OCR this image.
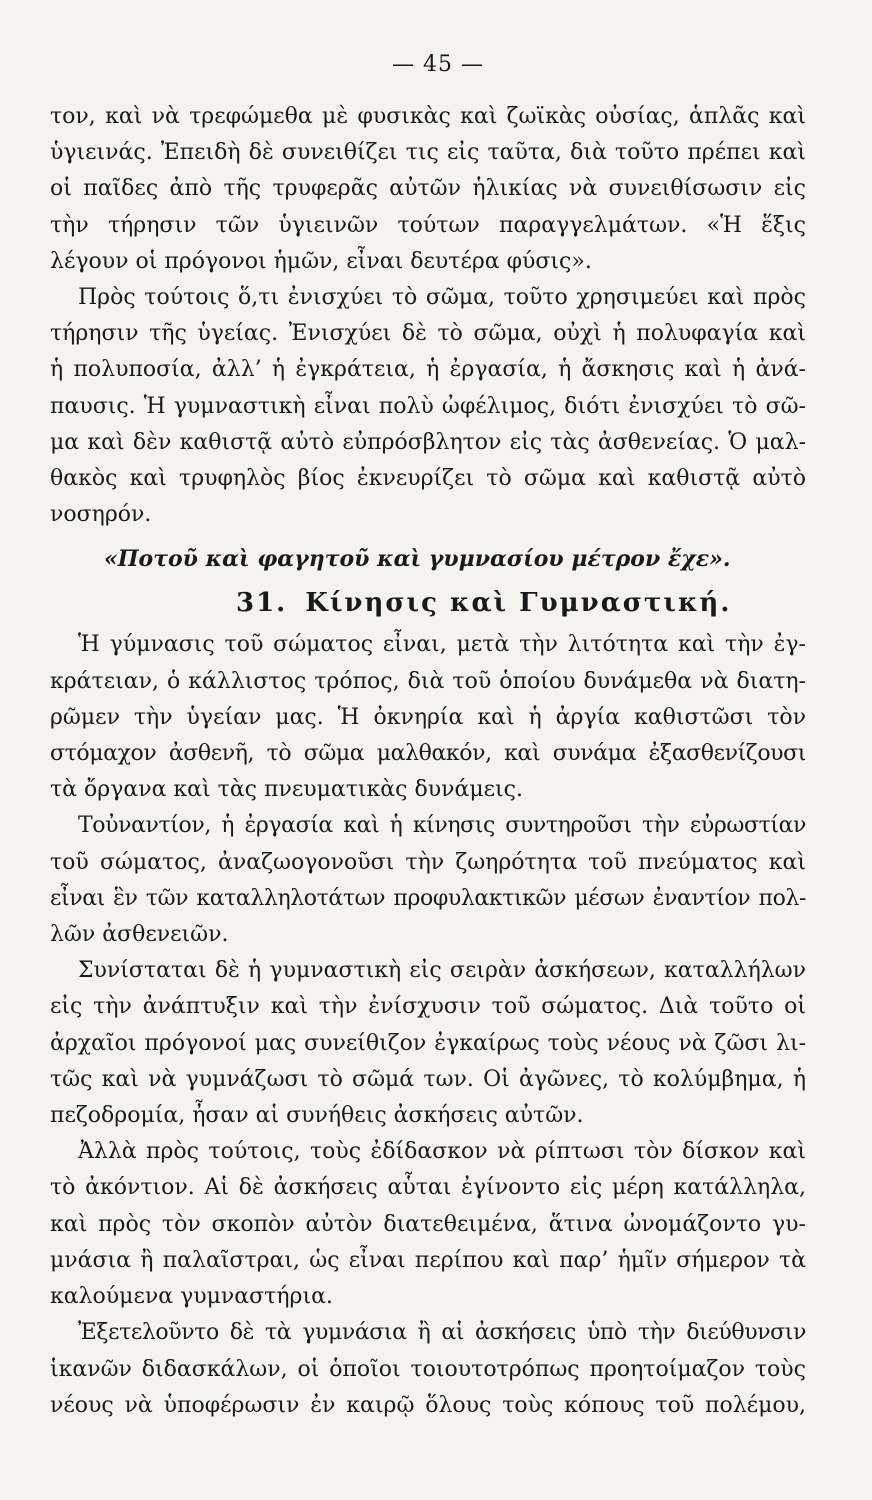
— 45 —
τον, καὶ νὰ τρεφώμεθα μὲ φυσικὰς καὶ ζωϊκὰς οὐσίας, ἁπλᾶς καὶ
ὑγιεινάς. Ἐπειδὴ δὲ συνειθίζει τις εἰς ταῦτα, διὰ τοῦτο πρέπει καὶ
οἱ παῖδες ἀπὸ τῆς τρυφερᾶς αὐτῶν ἡλικίας νὰ συνειθίσωσιν εἰς
τὴν τήρησιν τῶν ὑγιεινῶν τούτων παραγγελμάτων. «Ἡ ἕξις
λέγουν οἱ πρόγονοι ἡμῶν, εἶναι δευτέρα φύσις».
Πρὸς τούτοις ὅ,τι ἐνισχύει τὸ σῶμα, τοῦτο χρησιμεύει καὶ πρὸς
τήρησιν τῆς ὑγείας. Ἐνισχύει δὲ τὸ σῶμα, οὐχὶ ἡ πολυφαγία καὶ
ἡ πολυποσία, ἀλλ’ ἡ ἐγκράτεια, ἡ ἐργασία, ἡ ἄσκησις καὶ ἡ ἀνά-
παυσις. Ἡ γυμναστικὴ εἶναι πολὺ ὠφέλιμος, διότι ἐνισχύει τὸ σῶ-
μα καὶ δὲν καθιστᾷ αὐτὸ εὐπρόσβλητον εἰς τὰς ἀσθενείας. Ὁ μαλ-
θακὸς καὶ τρυφηλὸς βίος ἐκνευρίζει τὸ σῶμα καὶ καθιστᾷ αὐτὸ
νοσηρόν.
«Ποτοῦ καὶ φαγητοῦ καὶ γυμνασίου μέτρον ἔχε».
31. Κίνησις καὶ Γυμναστική.
Ἡ γύμνασις τοῦ σώματος εἶναι, μετὰ τὴν λιτότητα καὶ τὴν ἐγ-
κράτειαν, ὁ κάλλιστος τρόπος, διὰ τοῦ ὁποίου δυνάμεθα νὰ διατη-
ρῶμεν τὴν ὑγείαν μας. Ἡ ὀκνηρία καὶ ἡ ἀργία καθιστῶσι τὸν
στόμαχον ἀσθενῆ, τὸ σῶμα μαλθακόν, καὶ συνάμα ἐξασθενίζουσι
τὰ ὄργανα καὶ τὰς πνευματικὰς δυνάμεις.
Τοὐναντίον, ἡ ἐργασία καὶ ἡ κίνησις συντηροῦσι τὴν εὐρωστίαν
τοῦ σώματος, ἀναζωογονοῦσι τὴν ζωηρότητα τοῦ πνεύματος καὶ
εἶναι ἓν τῶν καταλληλοτάτων προφυλακτικῶν μέσων ἐναντίον πολ-
λῶν ἀσθενειῶν.
Συνίσταται δὲ ἡ γυμναστικὴ εἰς σειρὰν ἀσκήσεων, καταλλήλων
εἰς τὴν ἀνάπτυξιν καὶ τὴν ἐνίσχυσιν τοῦ σώματος. Διὰ τοῦτο οἱ
ἀρχαῖοι πρόγονοί μας συνείθιζον ἐγκαίρως τοὺς νέους νὰ ζῶσι λι-
τῶς καὶ νὰ γυμνάζωσι τὸ σῶμά των. Οἱ ἀγῶνες, τὸ κολύμβημα, ἡ
πεζοδρομία, ἦσαν αἱ συνήθεις ἀσκήσεις αὐτῶν.
Ἀλλὰ πρὸς τούτοις, τοὺς ἐδίδασκον νὰ ρίπτωσι τὸν δίσκον καὶ
τὸ ἀκόντιον. Αἱ δὲ ἀσκήσεις αὗται ἐγίνοντο εἰς μέρη κατάλληλα,
καὶ πρὸς τὸν σκοπὸν αὐτὸν διατεθειμένα, ἅτινα ὠνομάζοντο γυ-
μνάσια ἢ παλαῖστραι, ὡς εἶναι περίπου καὶ παρ’ ἡμῖν σήμερον τὰ
καλούμενα γυμναστήρια.
Ἐξετελοῦντο δὲ τὰ γυμνάσια ἢ αἱ ἀσκήσεις ὑπὸ τὴν διεύθυνσιν
ἱκανῶν διδασκάλων, οἱ ὁποῖοι τοιουτοτρόπως προητοίμαζον τοὺς
νέους νὰ ὑποφέρωσιν ἐν καιρῷ ὅλους τοὺς κόπους τοῦ πολέμου,
